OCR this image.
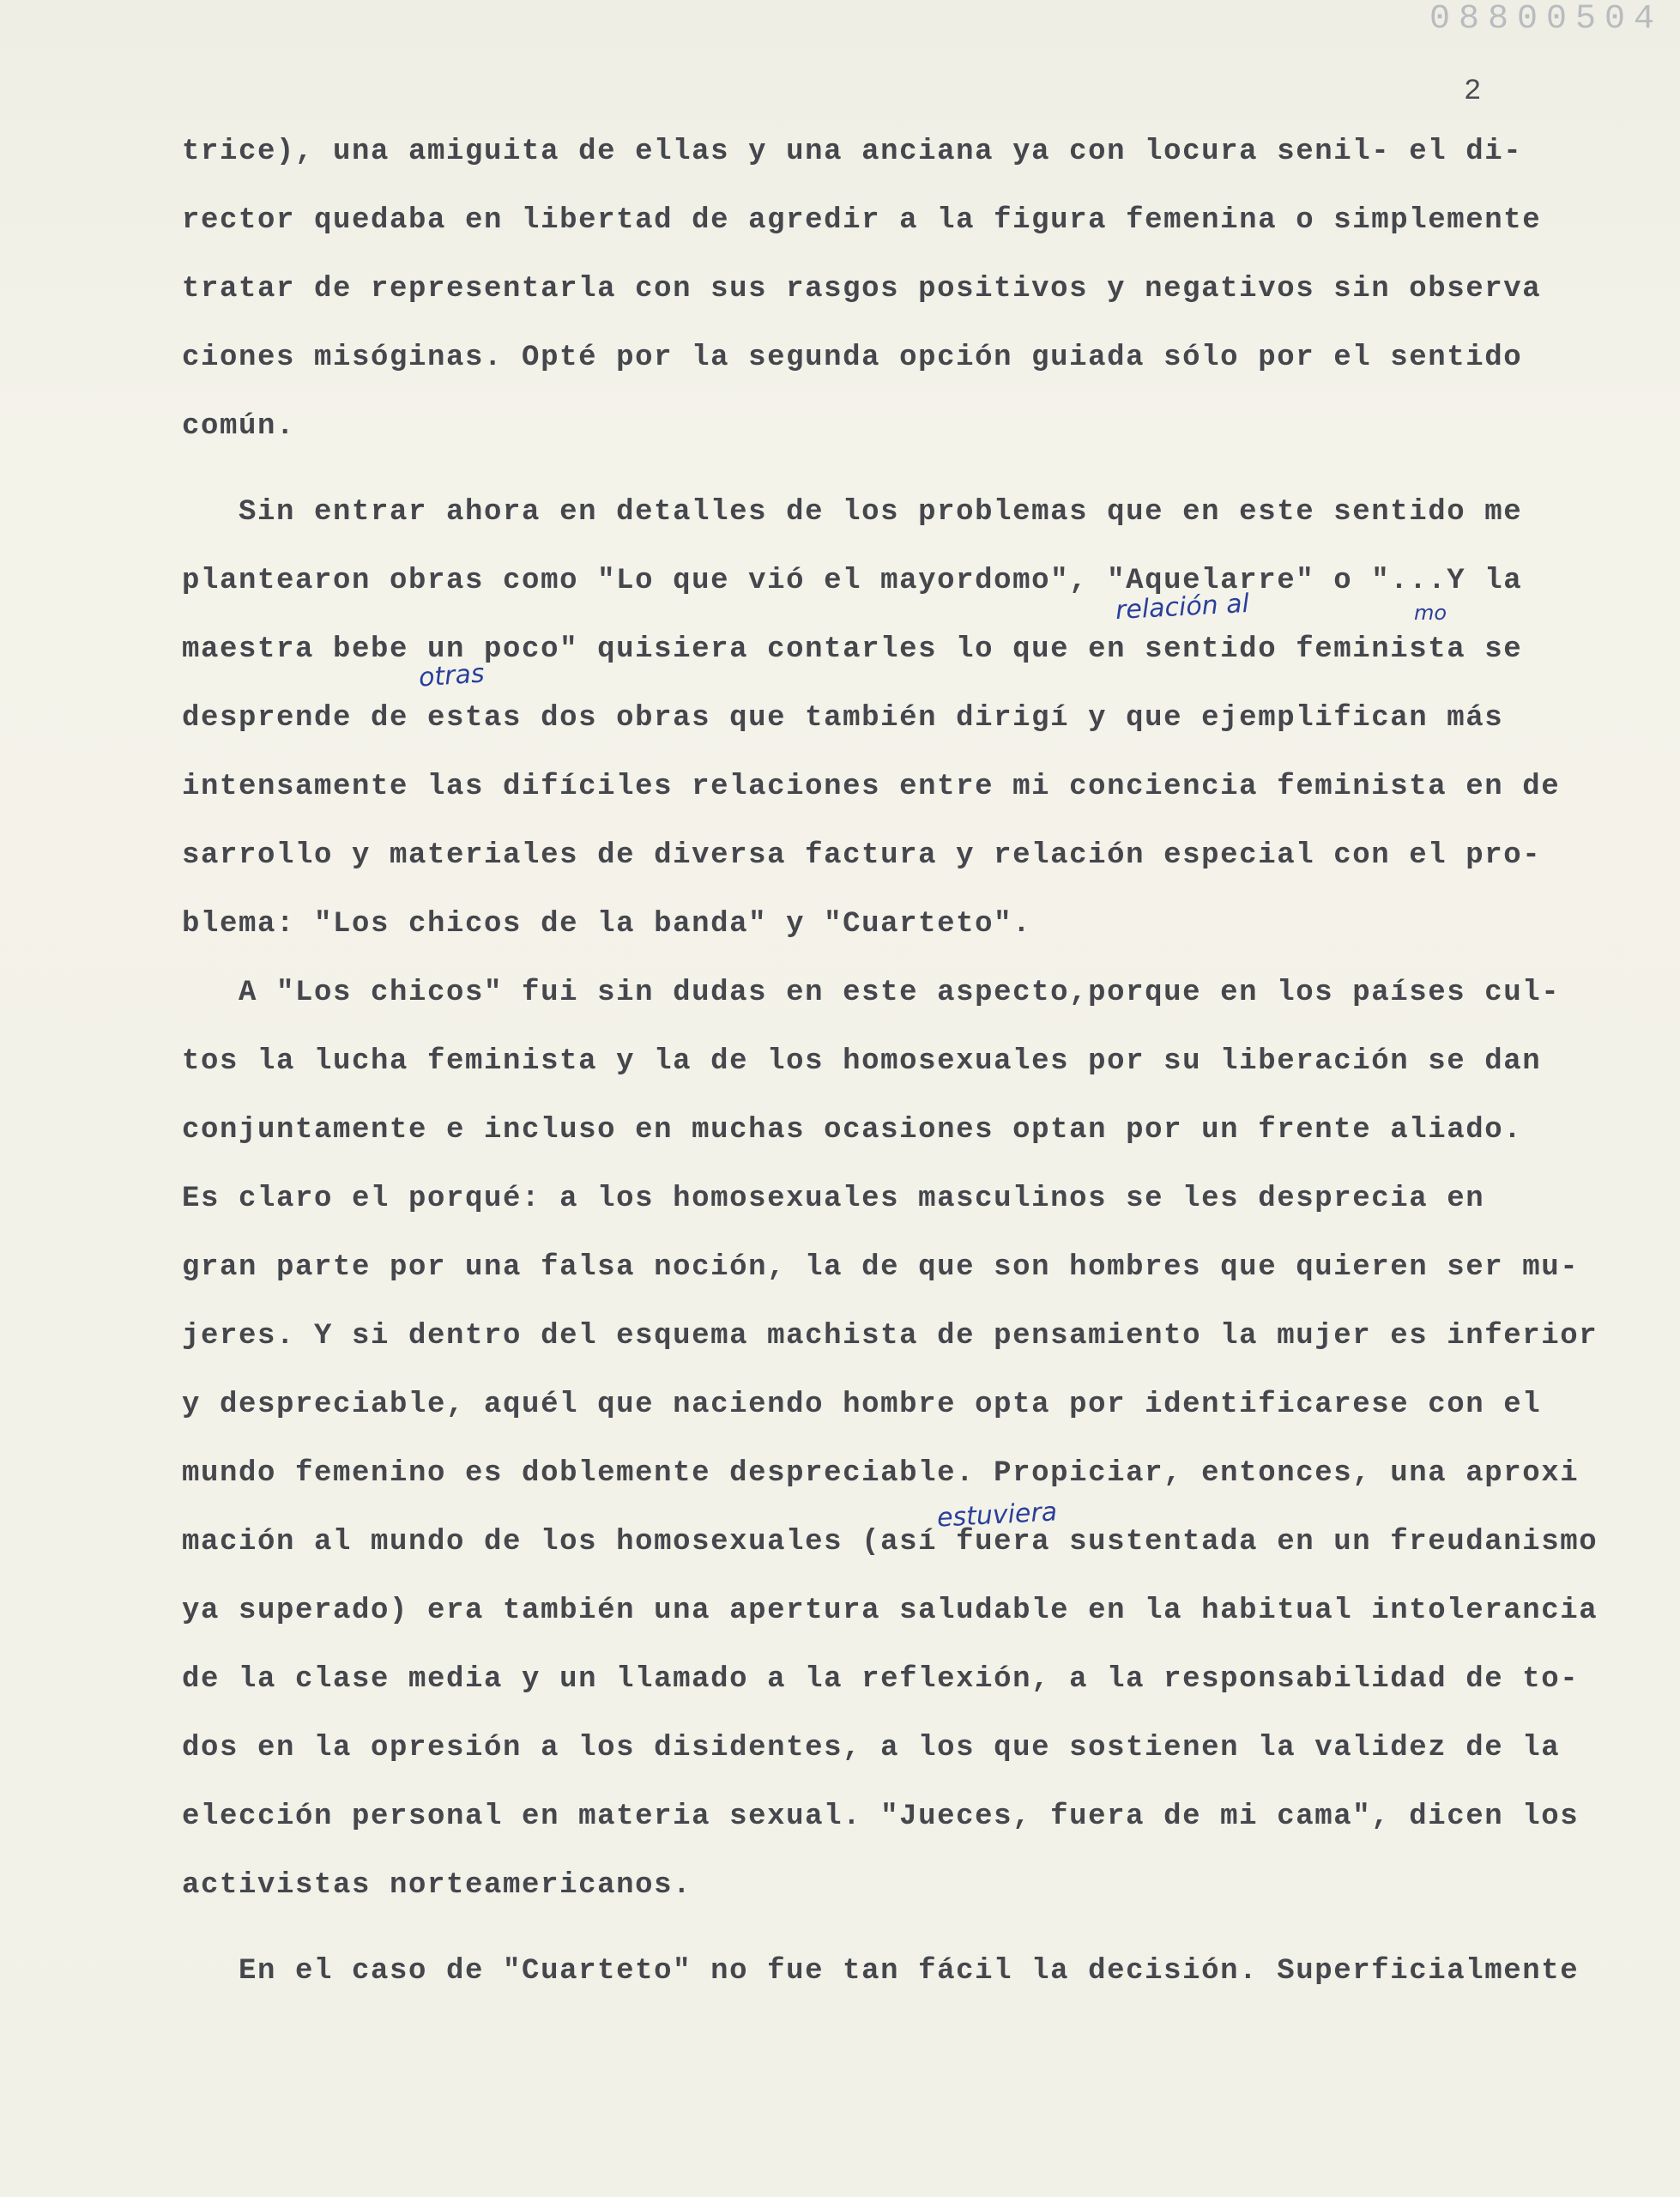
08800504
2
trice), una amiguita de ellas y una anciana ya con locura senil- el di-
rector quedaba en libertad de agredir a la figura femenina o simplemente
tratar de representarla con sus rasgos positivos y negativos sin observa
ciones misóginas. Opté por la segunda opción guiada sólo por el sentido
común.
Sin entrar ahora en detalles de los problemas que en este sentido me
plantearon obras como "Lo que vió el mayordomo", "Aquelarre" o "...Y la
maestra bebe un poco" quisiera contarles lo que en sentido feminista se
desprende de estas dos obras que también dirigí y que ejemplifican más
intensamente las difíciles relaciones entre mi conciencia feminista en de
sarrollo y materiales de diversa factura y relación especial con el pro-
blema: "Los chicos de la banda" y "Cuarteto".
A "Los chicos" fui sin dudas en este aspecto,porque en los países cul-
tos la lucha feminista y la de los homosexuales por su liberación se dan
conjuntamente e incluso en muchas ocasiones optan por un frente aliado.
Es claro el porqué: a los homosexuales masculinos se les desprecia en
gran parte por una falsa noción, la de que son hombres que quieren ser mu-
jeres. Y si dentro del esquema machista de pensamiento la mujer es inferior
y despreciable, aquél que naciendo hombre opta por identificarese con el
mundo femenino es doblemente despreciable. Propiciar, entonces, una aproxi
mación al mundo de los homosexuales (así fuera sustentada en un freudanismo
ya superado) era también una apertura saludable en la habitual intolerancia
de la clase media y un llamado a la reflexión, a la responsabilidad de to-
dos en la opresión a los disidentes, a los que sostienen la validez de la
elección personal en materia sexual. "Jueces, fuera de mi cama", dicen los
activistas norteamericanos.
En el caso de "Cuarteto" no fue tan fácil la decisión. Superficialmente
relación al	mo
otras
estuviera
